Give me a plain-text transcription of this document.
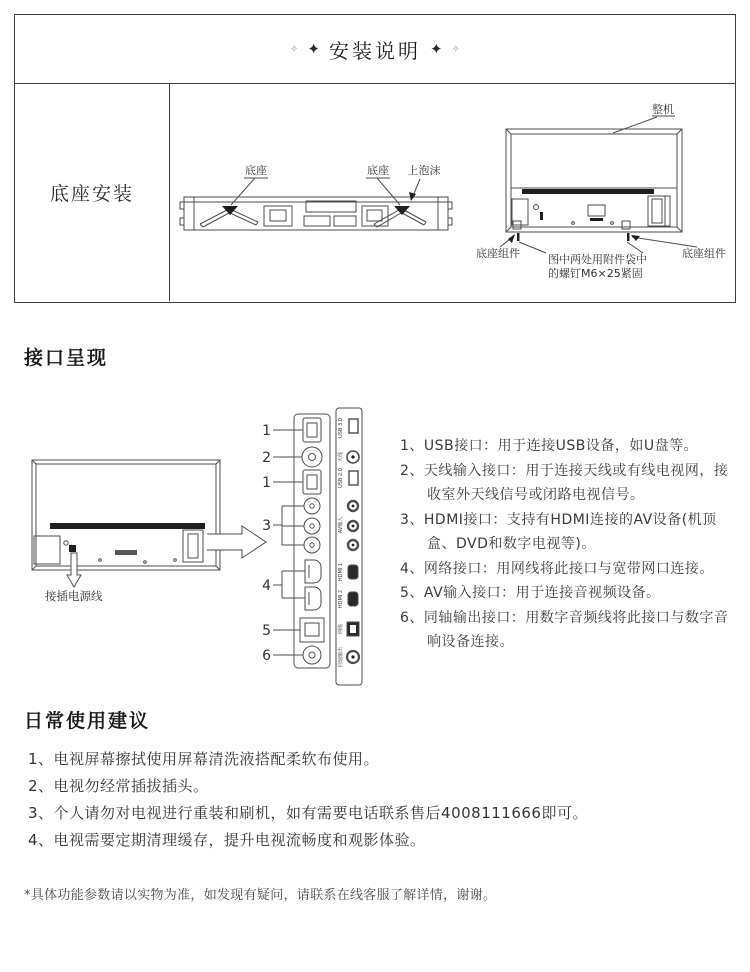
✧ ✦ 安装说明 ✦ ✧
底座安装
底座	底座 上泡沫
整机
底座组件	底座组件
图中两处用附件袋中
的螺钉M6×25紧固
接口呈现
接插电源线
1
2
1
3
4
5
6
USB 3.0
天线
USB 2.0
AV输入
HDMI 1
HDMI 2
网络
同轴输出

1、USB接口：用于连接USB设备，如U盘等。

2、天线输入接口：用于连接天线或有线电视网，接收室外天线信号或闭路电视信号。

3、HDMI接口：支持有HDMI连接的AV设备(机顶盒、DVD和数字电视等)。

4、网络接口：用网线将此接口与宽带网口连接。

5、AV输入接口：用于连接音视频设备。

6、同轴输出接口：用数字音频线将此接口与数字音响设备连接。

日常使用建议

1、电视屏幕擦拭使用屏幕清洗液搭配柔软布使用。

2、电视勿经常插拔插头。

3、个人请勿对电视进行重装和刷机，如有需要电话联系售后4008111666即可。

4、电视需要定期清理缓存，提升电视流畅度和观影体验。

*具体功能参数请以实物为准，如发现有疑问，请联系在线客服了解详情，谢谢。
